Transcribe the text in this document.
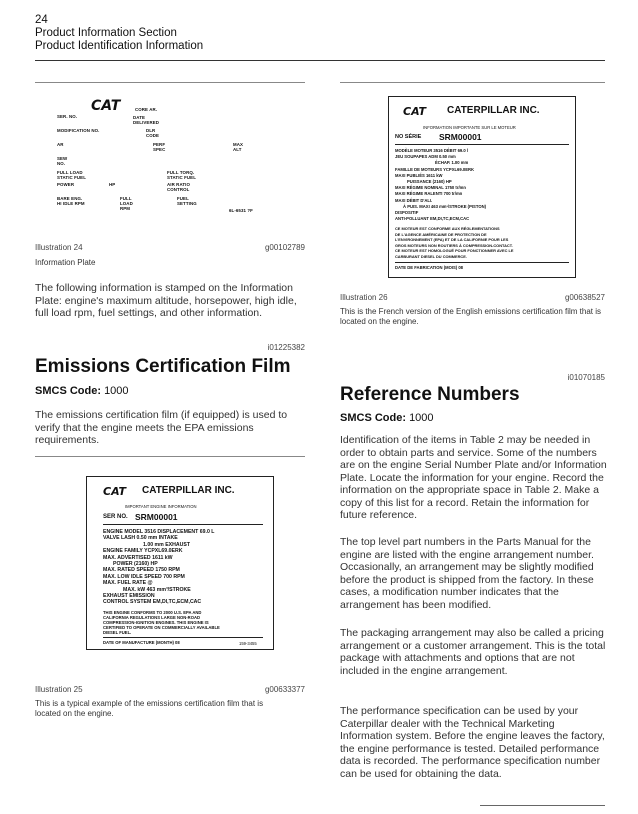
24
Product Information Section
Product Identification Information
CAT
SER. NO.
CORE AR.
DATE DELIVERED
MODIFICATION NO.	DLR CODE
AR	PERF SPEC
MAX ALT
SEW NO.
FULL LOAD STATIC FUEL
FULL TORQ. STATIC FUEL
POWER	HP	AIR RATIO CONTROL
BARE ENG. HI IDLE RPM
FULL LOAD RPM
FUEL SETTING
6L-6531 ?F
Illustration 24	g00102789
Information Plate
The following information is stamped on the Information Plate: engine's maximum altitude, horsepower, high idle, full load rpm, fuel settings, and other information.
i01225382
Emissions Certification Film
SMCS Code: 1000
The emissions certification film (if equipped) is used to verify that the engine meets the EPA emissions requirements.
CAT CATERPILLAR INC.
IMPORTANT ENGINE INFORMATION
SER NO. SRM00001
ENGINE MODEL 3516 DISPLACEMENT 69.0 L
VALVE LASH 0.50 mm INTAKE
1.00 mm EXHAUST
ENGINE FAMILY YCPXL69.0ERK
MAX. ADVERTISED 1611 kW
POWER (2160) HP
MAX. RATED SPEED 1750 RPM
MAX. LOW IDLE SPEED 700 RPM
MAX. FUEL RATE @
MAX. kW 463 mm³/STROKE
EXHAUST EMISSION
CONTROL SYSTEM EM,DI,TC,ECM,CAC
THIS ENGINE CONFORMS TO 2000 U.S. EPA AND
CALIFORNIA REGULATIONS LARGE NON-ROAD
COMPRESSION-IGNITION ENGINES. THIS ENGINE IS
CERTIFIED TO OPERATE ON COMMERCIALLY AVAILABLE
DIESEL FUEL.
DATE OF MANUFACTURE (MONTH) 08	159-3455
Illustration 25	g00633377
This is a typical example of the emissions certification film that is located on the engine.
CAT CATERPILLAR INC.
INFORMATION IMPORTANTE SUR LE MOTEUR
NO SÉRIE SRM00001
MODÈLE MOTEUR 3516 DÉBIT 69.0 l
JEU SOUPAPES ADM 0.50 mm
ÉCHAP. 1.00 mm
FAMILLE DE MOTEURS YCPXL69.0ERK
MAXI PUBLIÉS 1611 kW
PUISSANCE (2160) HP
MAXI RÉGIME NOMINAL 1750 tr/mn
MAXI RÉGIME RALENTI 700 tr/mn
MAXI DÉBIT D'ALI.
À PUIS. MAXI 463 mm³/STROKE (PISTON)
DISPOSITIF
ANTI-POLLUANT EM,DI,TC,ECM,CAC
CE MOTEUR EST CONFORME AUX RÉGLEMENTATIONS
DE L'AGENCE AMÉRICAINE DE PROTECTION DE
L'ENVIRONNEMENT (EPA) ET DE LA CALIFORNIE POUR LES
GROS MOTEURS NON ROUTIERS À COMPRESSION-CONTACT.
CE MOTEUR EST HOMOLOGUÉ POUR FONCTIONNER AVEC LE
CARBURANT DIESEL DU COMMERCE.
DATE DE FABRICATION (MOIS) 08
Illustration 26	g00638527
This is the French version of the English emissions certification film that is located on the engine.
i01070185
Reference Numbers
SMCS Code: 1000
Identification of the items in Table 2 may be needed in order to obtain parts and service. Some of the numbers are on the engine Serial Number Plate and/or Information Plate. Locate the information for your engine. Record the information on the appropriate space in Table 2. Make a copy of this list for a record. Retain the information for future reference.
The top level part numbers in the Parts Manual for the engine are listed with the engine arrangement number. Occasionally, an arrangement may be slightly modified before the product is shipped from the factory. In these cases, a modification number indicates that the arrangement has been modified.
The packaging arrangement may also be called a pricing arrangement or a customer arrangement. This is the total package with attachments and options that are not included in the engine arrangement.
The performance specification can be used by your Caterpillar dealer with the Technical Marketing Information system. Before the engine leaves the factory, the engine performance is tested. Detailed performance data is recorded. The performance specification number can be used for obtaining the data.
